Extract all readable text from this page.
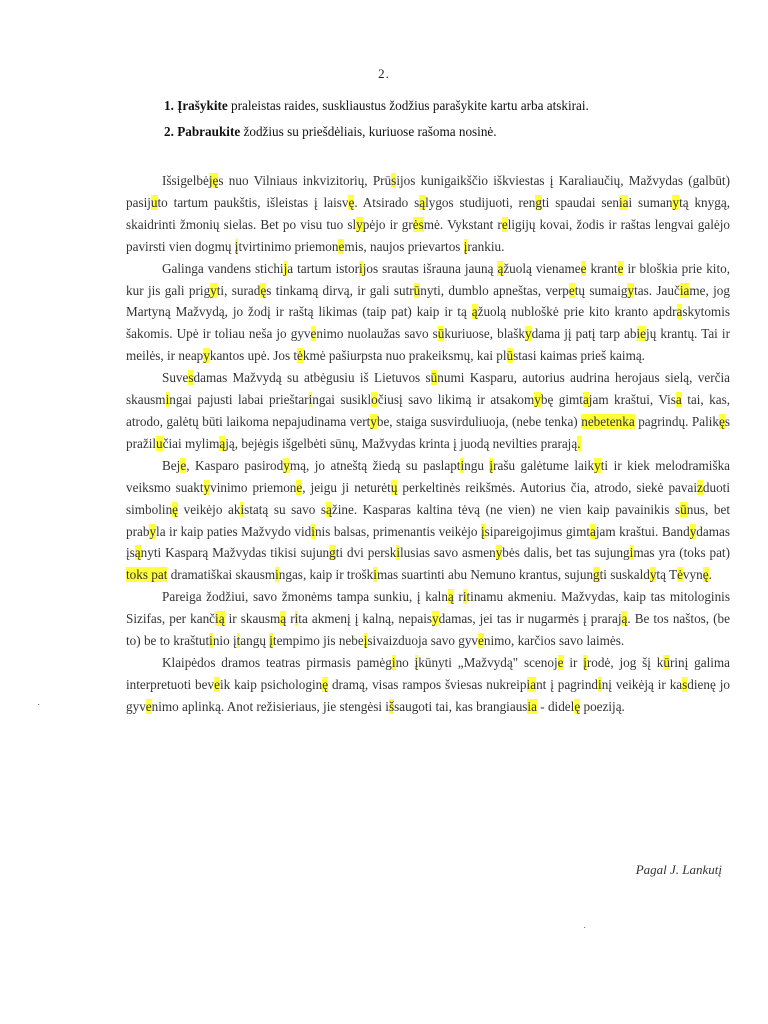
2.
1. Įrašykite praleistas raides, suskliaustus žodžius parašykite kartu arba atskirai.
2. Pabraukite žodžius su priešdėliais, kuriuose rašoma nosinė.

Išsigelbėjęs nuo Vilniaus inkvizitorių, Prūsijos kunigaikščio iškviestas į Karaliaučių, Mažvydas (galbūt) pasijuto tartum paukštis, išleistas į laisvę. Atsirado sąlygos studijuoti, rengti spaudai seniai sumanytą knygą, skaidrinti žmonių sielas. Bet po visu tuo slypėjo ir grėsmė. Vykstant religijų kovai, žodis ir raštas lengvai galėjo pavirsti vien dogmų įtvirtinimo priemonemis, naujos prievartos įrankiu.

Galinga vandens stichija tartum istorijos srautas išrauna jauną ąžuolą vienamee krante ir bloškia prie kito, kur jis gali prigyti, suradęs tinkamą dirvą, ir gali sutrūnyti, dumblo apneštas, verpetų sumaigytas. Jaučiame, jog Martyną Mažvydą, jo žodį ir raštą likimas (taip pat) kaip ir tą ąžuolą nubloškė prie kito kranto apdraskytomis šakomis. Upė ir toliau neša jo gyvenimo nuolaužas savo sūkuriuose, blaškydama jį patį tarp abiejų krantų. Tai ir meilės, ir neapykantos upė. Jos tėkmė pašiurpsta nuo prakeiksmų, kai plūstasi kaimas prieš kaimą.

Suvesdamas Mažvydą su atbėgusiu iš Lietuvos sūnumi Kasparu, autorius audrina herojaus sielą, verčia skausmingai pajusti labai prieštaringai susikločiusį savo likimą ir atsakomybę gimtajam kraštui, Visa tai, kas, atrodo, galėtų būti laikoma nepajudinama vertybe, staiga susvirduliuoja, (nebe tenka) nebetenka pagrindų. Palikęs pražilučiai mylimąją, bejėgis išgelbėti sūnų, Mažvydas krinta į juodą nevilties prarają.

Beje, Kasparo pasirodymą, jo atneštą žiedą su paslaptingu įrašu galėtume laikyti ir kiek melodramiška veiksmo suaktyvinimo priemone, jeigu ji neturėtų perkeltinės reikšmės. Autorius čia, atrodo, siekė pavaizduoti simbolinę veikėjo akistatą su savo sąžine. Kasparas kaltina tėvą (ne vien) ne vien kaip pavainikis sūnus, bet prabyla ir kaip paties Mažvydo vidinis balsas, primenantis veikėjo įsipareigojimus gimtajam kraštui. Bandydamas įsąnyti Kasparą Mažvydas tikisi sujungti dvi perskilusias savo asmenybės dalis, bet tas sujungimas yra (toks pat) toks pat dramatiškai skausmingas, kaip ir troškimas suartinti abu Nemuno krantus, sujungti suskaldytą Tėvynę.

Pareiga žodžiui, savo žmonėms tampa sunkiu, į kalną ritinamu akmeniu. Mažvydas, kaip tas mitologinis Sizifas, per kančią ir skausmą rita akmenį į kalną, nepaisydamas, jei tas ir nugarmės į prarają. Be tos naštos, (be to) be to kraštutinio įtangų įtempimo jis nebeįsivaizduoja savo gyvenimo, karčios savo laimės.

Klaipėdos dramos teatras pirmasis pamėgino įkūnyti „Mažvydą" scenoje ir įrodė, jog šį kūrinį galima interpretuoti beveik kaip psichologinę dramą, visas rampos šviesas nukreipiant į pagrindinį veikėją ir kasdienę jo gyvenimo aplinką. Anot režisieriaus, jie stengėsi išsaugoti tai, kas brangiausia - didelę poeziją.

Pagal J. Lankutį
˙
˙
